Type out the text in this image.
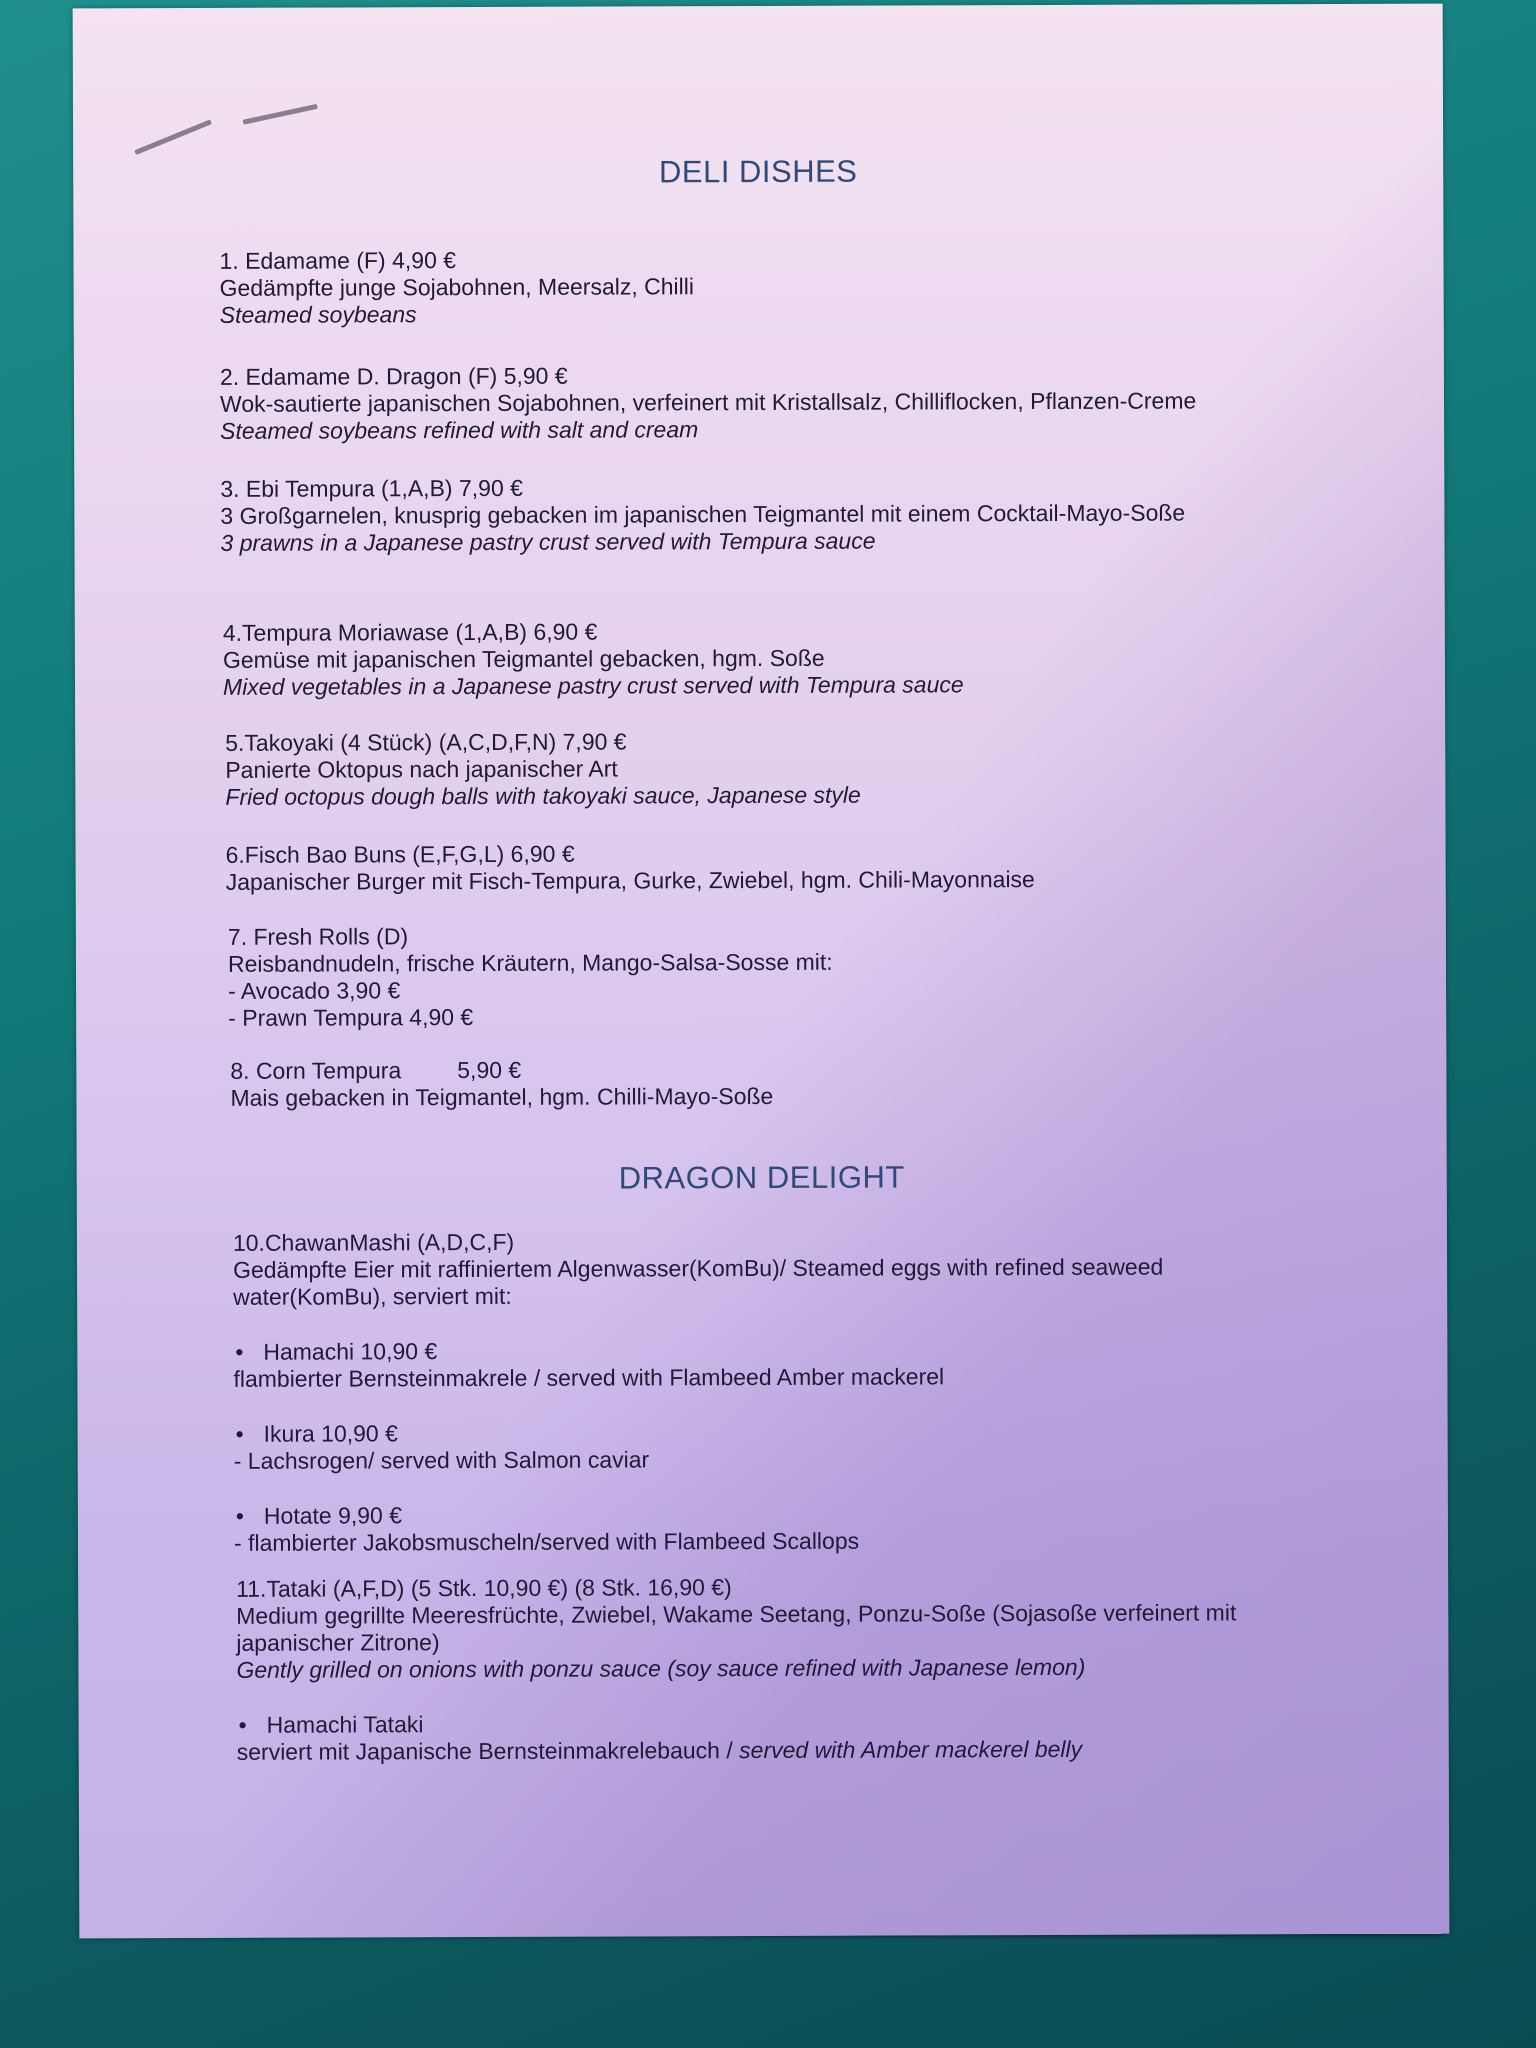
DELI DISHES
1. Edamame (F) 4,90 €
Gedämpfte junge Sojabohnen, Meersalz, Chilli
Steamed soybeans
2. Edamame D. Dragon (F) 5,90 €
Wok-sautierte japanischen Sojabohnen, verfeinert mit Kristallsalz, Chilliflocken, Pflanzen-Creme
Steamed soybeans refined with salt and cream
3. Ebi Tempura (1,A,B) 7,90 €
3 Großgarnelen, knusprig gebacken im japanischen Teigmantel mit einem Cocktail-Mayo-Soße
3 prawns in a Japanese pastry crust served with Tempura sauce
4.Tempura Moriawase (1,A,B) 6,90 €
Gemüse mit japanischen Teigmantel gebacken, hgm. Soße
Mixed vegetables in a Japanese pastry crust served with Tempura sauce
5.Takoyaki (4 Stück) (A,C,D,F,N) 7,90 €
Panierte Oktopus nach japanischer Art
Fried octopus dough balls with takoyaki sauce, Japanese style
6.Fisch Bao Buns (E,F,G,L) 6,90 €
Japanischer Burger mit Fisch-Tempura, Gurke, Zwiebel, hgm. Chili-Mayonnaise
7. Fresh Rolls (D)
Reisbandnudeln, frische Kräutern, Mango-Salsa-Sosse mit:
- Avocado 3,90 €
- Prawn Tempura 4,90 €
8. Corn Tempura 5,90 €
Mais gebacken in Teigmantel, hgm. Chilli-Mayo-Soße
DRAGON DELIGHT
10.ChawanMashi (A,D,C,F)
Gedämpfte Eier mit raffiniertem Algenwasser(KomBu)/ Steamed eggs with refined seaweed water(KomBu), serviert mit:
• Hamachi 10,90 €
flambierter Bernsteinmakrele / served with Flambeed Amber mackerel
• Ikura 10,90 €
- Lachsrogen/ served with Salmon caviar
• Hotate 9,90 €
- flambierter Jakobsmuscheln/served with Flambeed Scallops
11.Tataki (A,F,D) (5 Stk. 10,90 €) (8 Stk. 16,90 €)
Medium gegrillte Meeresfrüchte, Zwiebel, Wakame Seetang, Ponzu-Soße (Sojasoße verfeinert mit japanischer Zitrone)
Gently grilled on onions with ponzu sauce (soy sauce refined with Japanese lemon)
• Hamachi Tataki
serviert mit Japanische Bernsteinmakrelebauch / served with Amber mackerel belly
